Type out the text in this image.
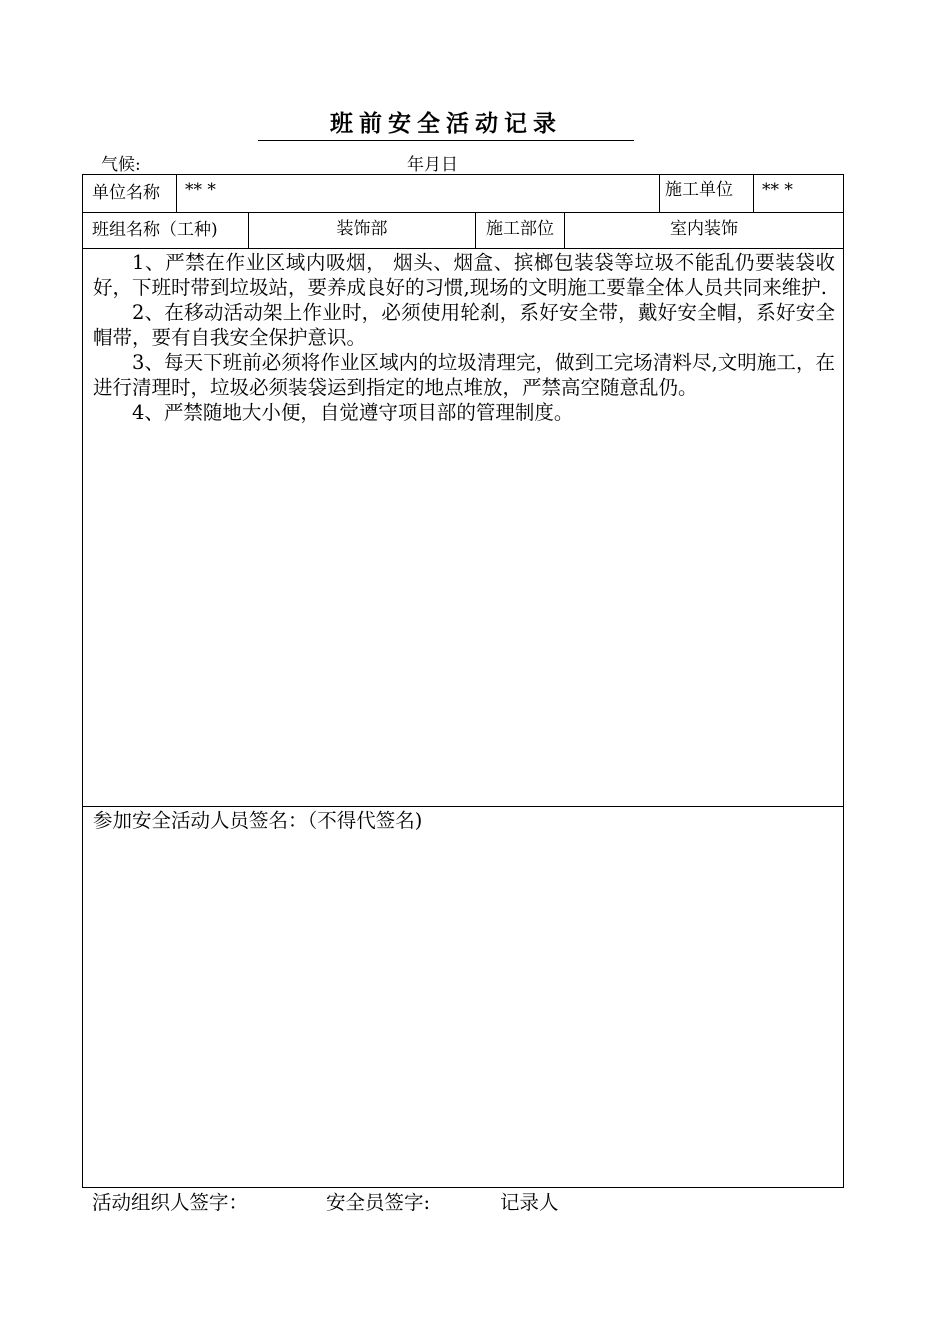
班前安全活动记录
气候:	年月日
单位名称	** *	施工单位	** *
班组名称（工种)	装饰部	施工部位	室内装饰

1、严禁在作业区域内吸烟， 烟头、烟盒、摈榔包装袋等垃圾不能乱仍要装袋收好，下班时带到垃圾站，要养成良好的习惯,现场的文明施工要靠全体人员共同来维护.

2、在移动活动架上作业时，必须使用轮刹，系好安全带，戴好安全帽，系好安全帽带，要有自我安全保护意识。

3、每天下班前必须将作业区域内的垃圾清理完，做到工完场清料尽,文明施工，在进行清理时，垃圾必须装袋运到指定的地点堆放，严禁高空随意乱仍。

4、严禁随地大小便，自觉遵守项目部的管理制度。

参加安全活动人员签名：（不得代签名)
活动组织人签字：	安全员签字:	记录人
